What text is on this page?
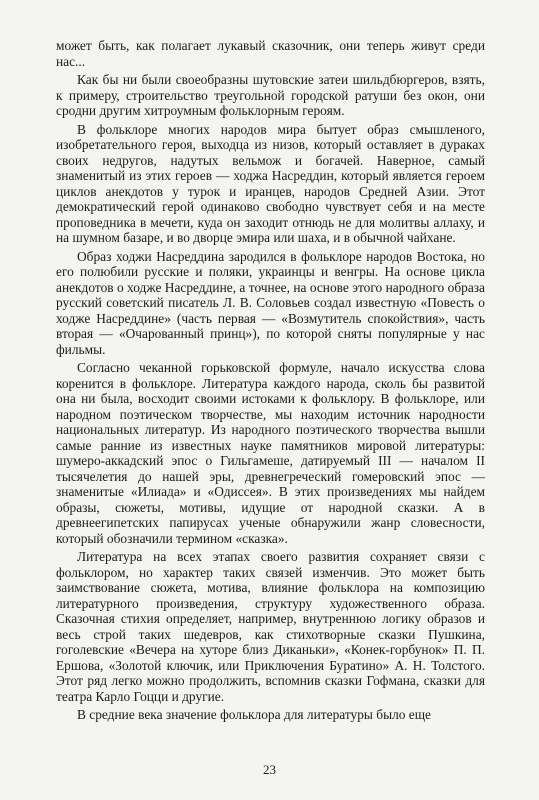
может быть, как полагает лукавый сказочник, они теперь живут среди нас...

Как бы ни были своеобразны шутовские затеи шильдбюргеров, взять, к примеру, строительство треугольной городской ратуши без окон, они сродни другим хитроумным фольклорным героям.

В фольклоре многих народов мира бытует образ смышленого, изобретательного героя, выходца из низов, который оставляет в дураках своих недругов, надутых вельмож и богачей. Наверное, самый знаменитый из этих героев — ходжа Насреддин, который является героем циклов анекдотов у турок и иранцев, народов Средней Азии. Этот демократический герой одинаково свободно чувствует себя и на месте проповедника в мечети, куда он заходит отнюдь не для молитвы аллаху, и на шумном базаре, и во дворце эмира или шаха, и в обычной чайхане.

Образ ходжи Насреддина зародился в фольклоре народов Востока, но его полюбили русские и поляки, украинцы и венгры. На основе цикла анекдотов о ходже Насреддине, а точнее, на основе этого народного образа русский советский писатель Л. В. Соловьев создал известную «Повесть о ходже Насреддине» (часть первая — «Возмутитель спокойствия», часть вторая — «Очарованный принц»), по которой сняты популярные у нас фильмы.

Согласно чеканной горьковской формуле, начало искусства слова коренится в фольклоре. Литература каждого народа, сколь бы развитой она ни была, восходит своими истоками к фольклору. В фольклоре, или народном поэтическом творчестве, мы находим источник народности национальных литератур. Из народного поэтического творчества вышли самые ранние из известных науке памятников мировой литературы: шумеро-аккадский эпос о Гильгамеше, датируемый III — началом II тысячелетия до нашей эры, древнегреческий гомеровский эпос — знаменитые «Илиада» и «Одиссея». В этих произведениях мы найдем образы, сюжеты, мотивы, идущие от народной сказки. А в древнеегипетских папирусах ученые обнаружили жанр словесности, который обозначили термином «сказка».

Литература на всех этапах своего развития сохраняет связи с фольклором, но характер таких связей изменчив. Это может быть заимствование сюжета, мотива, влияние фольклора на композицию литературного произведения, структуру художественного образа. Сказочная стихия определяет, например, внутреннюю логику образов и весь строй таких шедевров, как стихотворные сказки Пушкина, гоголевские «Вечера на хуторе близ Диканьки», «Конек-горбунок» П. П. Ершова, «Золотой ключик, или Приключения Буратино» А. Н. Толстого. Этот ряд легко можно продолжить, вспомнив сказки Гофмана, сказки для театра Карло Гоцци и другие.

В средние века значение фольклора для литературы было еще

23
